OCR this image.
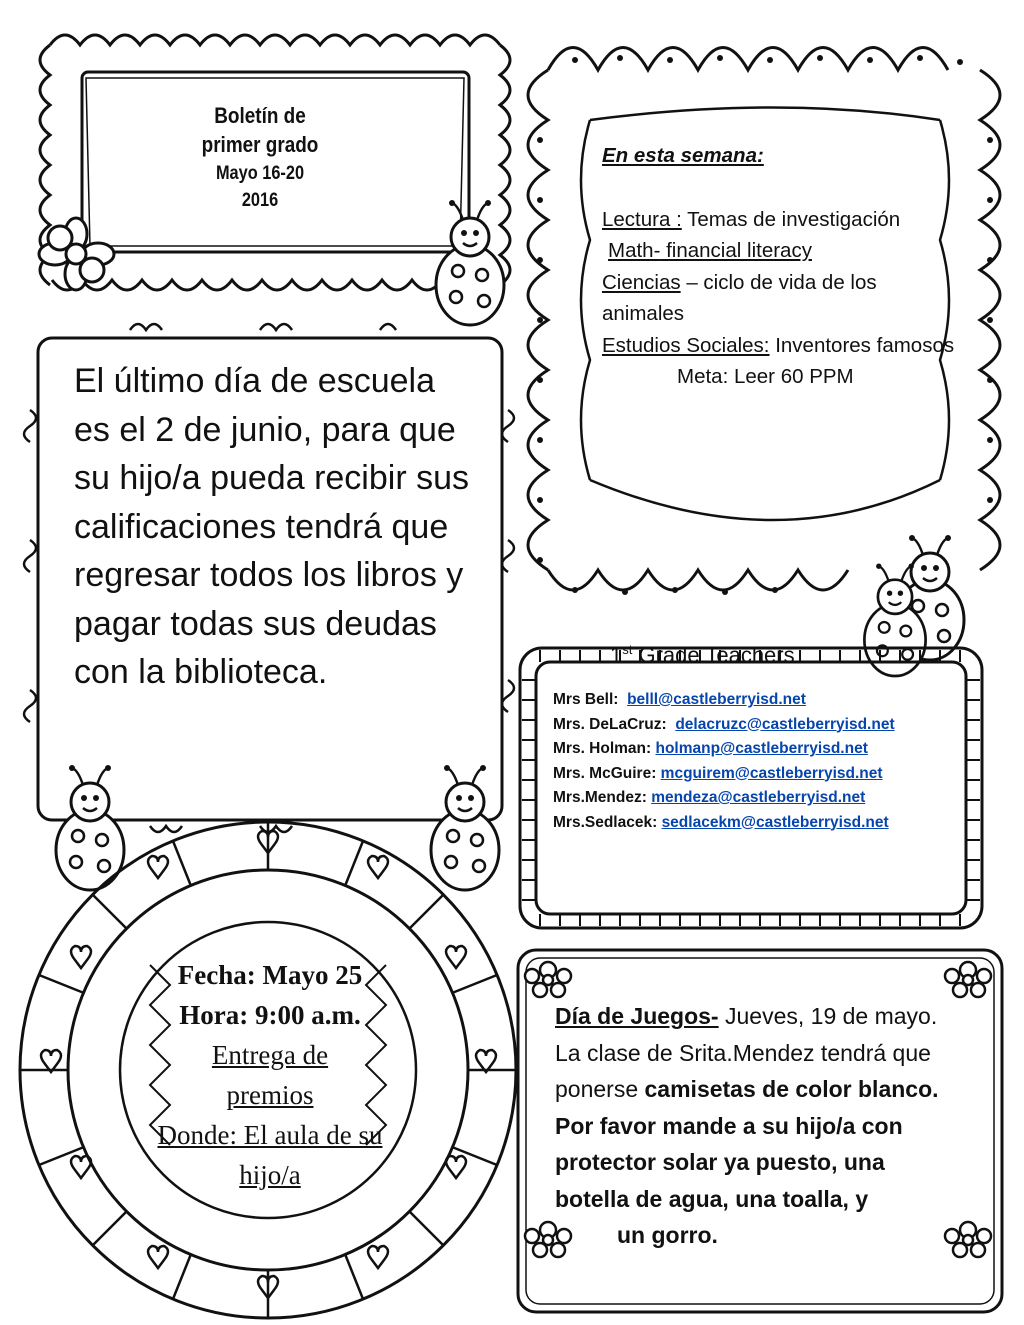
Boletín de
primer grado
Mayo 16-20
2016
En esta semana:
Lectura : Temas de investigación
Math- financial literacy
Ciencias – ciclo de vida de los animales
Estudios Sociales: Inventores famosos
Meta: Leer 60 PPM
El último día de escuela es el 2 de junio, para que su hijo/a pueda recibir sus calificaciones tendrá que regresar todos los libros y pagar todas sus deudas con la biblioteca.	1st Grade Teachers
Mrs Bell: belll@castleberryisd.net
Mrs. DeLaCruz: delacruzc@castleberryisd.net
Mrs. Holman: holmanp@castleberryisd.net
Mrs. McGuire: mcguirem@castleberryisd.net
Mrs.Mendez: mendeza@castleberryisd.net
Mrs.Sedlacek: sedlacekm@castleberryisd.net
Fecha: Mayo 25
Hora: 9:00 a.m.
Entrega de premios
Donde: El aula de su hijo/a
Día de Juegos- Jueves, 19 de mayo. La clase de Srita.Mendez tendrá que ponerse camisetas de color blanco. Por favor mande a su hijo/a con protector solar ya puesto, una botella de agua, una toalla, y
un gorro.
